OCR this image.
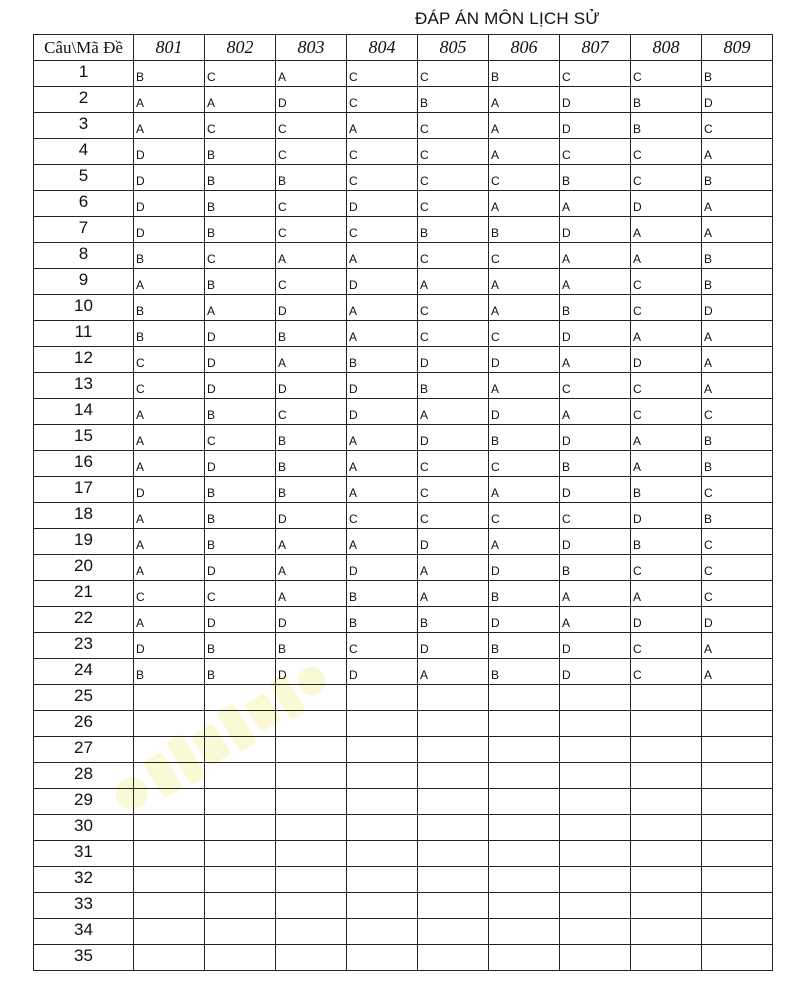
ĐÁP ÁN MÔN LỊCH SỬ
Câu\Mã Đề	801	802	803	804	805	806	807	808	809
1	B	C	A	C	C	B	C	C	B
2	A	A	D	C	B	A	D	B	D
3	A	C	C	A	C	A	D	B	C
4	D	B	C	C	C	A	C	C	A
5	D	B	B	C	C	C	B	C	B
6	D	B	C	D	C	A	A	D	A
7	D	B	C	C	B	B	D	A	A
8	B	C	A	A	C	C	A	A	B
9	A	B	C	D	A	A	A	C	B
10	B	A	D	A	C	A	B	C	D
11	B	D	B	A	C	C	D	A	A
12	C	D	A	B	D	D	A	D	A
13	C	D	D	D	B	A	C	C	A
14	A	B	C	D	A	D	A	C	C
15	A	C	B	A	D	B	D	A	B
16	A	D	B	A	C	C	B	A	B
17	D	B	B	A	C	A	D	B	C
18	A	B	D	C	C	C	C	D	B
19	A	B	A	A	D	A	D	B	C
20	A	D	A	D	A	D	B	C	C
21	C	C	A	B	A	B	A	A	C
22	A	D	D	B	B	D	A	D	D
23	D	B	B	C	D	B	D	C	A
24	B	B	D	D	A	B	D	C	A
25									
26									
27									
28									
29									
30									
31									
32									
33									
34									
35									
